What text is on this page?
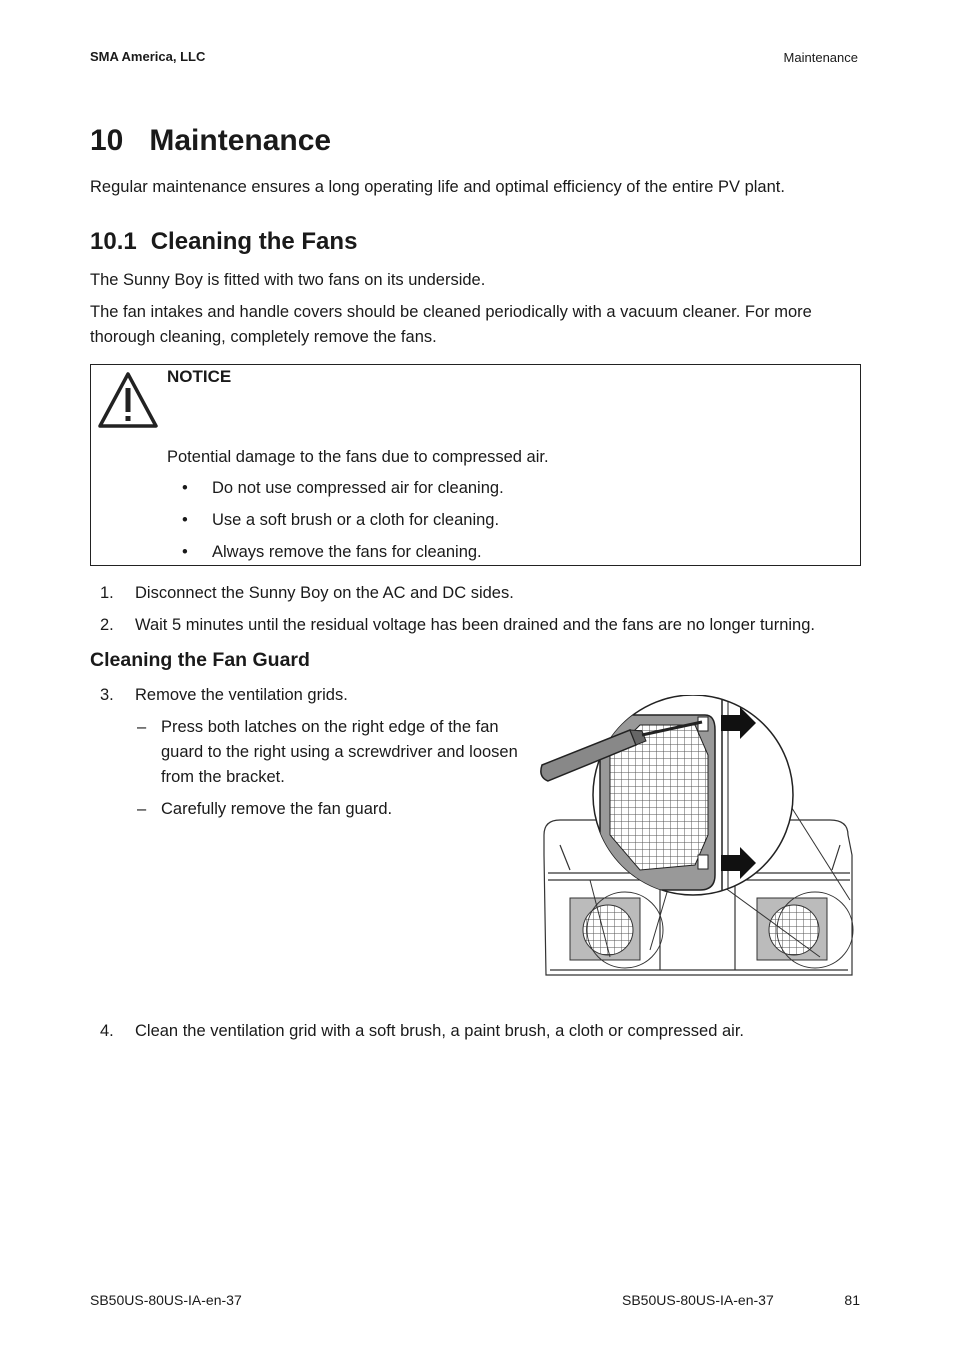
SMA America, LLC	Maintenance
10 Maintenance

Regular maintenance ensures a long operating life and optimal efficiency of the entire PV plant.

10.1 Cleaning the Fans

The Sunny Boy is fitted with two fans on its underside.

The fan intakes and handle covers should be cleaned periodically with a vacuum cleaner. For more

thorough cleaning, completely remove the fans.

NOTICE
Potential damage to the fans due to compressed air.
•	Do not use compressed air for cleaning.
•	Use a soft brush or a cloth for cleaning.
•	Always remove the fans for cleaning.
1.	Disconnect the Sunny Boy on the AC and DC sides.
2.	Wait 5 minutes until the residual voltage has been drained and the fans are no longer turning.
Cleaning the Fan Guard
3.	Remove the ventilation grids.
– Press both latches on the right edge of the fan guard to the right using a screwdriver and loosen from the bracket.
– Carefully remove the fan guard.
4.	Clean the ventilation grid with a soft brush, a paint brush, a cloth or compressed air.
SB50US-80US-IA-en-37	SB50US-80US-IA-en-37	81
